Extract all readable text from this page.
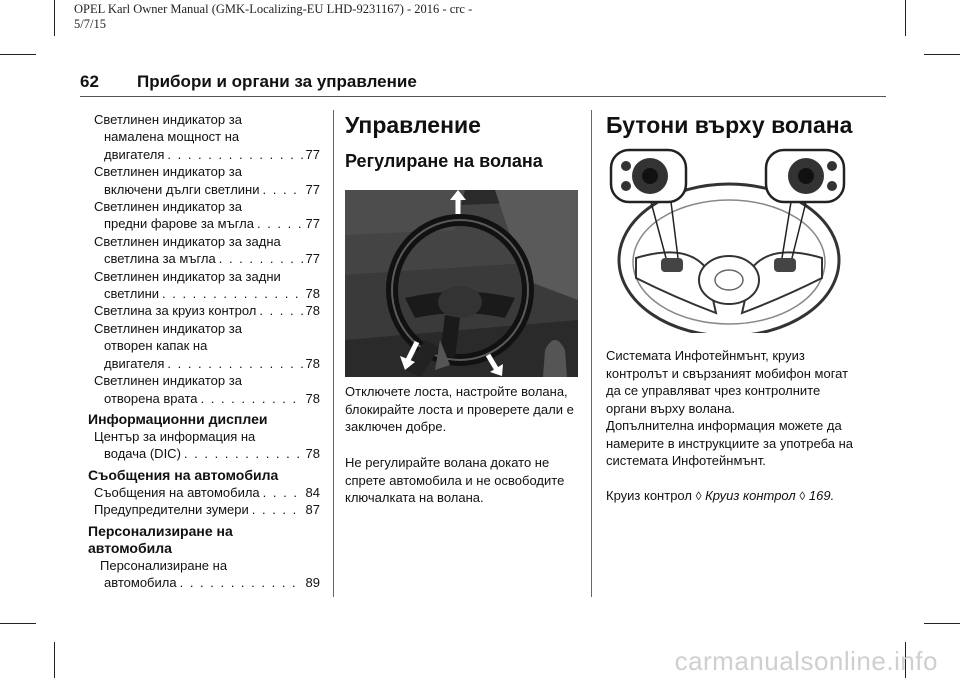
OPEL Karl Owner Manual (GMK-Localizing-EU LHD-9231167) - 2016 - crc -
5/7/15
62 Прибори и органи за управление
Светлинен индикатор за
намалена мощност на
двигателя . . .	77
Светлинен индикатор за
включени дълги светлини . . .	77
Светлинен индикатор за
предни фарове за мъгла . . .	77
Светлинен индикатор за задна
светлина за мъгла . . .	77
Светлинен индикатор за задни
светлини . . .	78
Светлина за круиз контрол . . .	78
Светлинен индикатор за
отворен капак на
двигателя . . .	78
Светлинен индикатор за
отворена врата . . .	78
Информационни дисплеи
Център за информация на
водача (DIC) . . .	78
Съобщения на автомобила
Съобщения на автомобила . . .	84
Предупредителни зумери . . .	87
Персонализиране на
автомобила
Персонализиране на
автомобила . . .	89
Управление
Регулиране на волана
Отключете лоста, настройте волана, блокирайте лоста и проверете дали е заключен добре.
Не регулирайте волана докато не спрете автомобила и не освободите ключалката на волана.
Бутони върху волана
Системата Инфотейнмънт, круиз контролът и свързаният мобифон могат да се управляват чрез контролните органи върху волана.
Допълнителна информация можете да намерите в инструкциите за употреба на системата Инфотейнмънт.
Круиз контрол ◊ Круиз контрол ◊ 169.
carmanualsonline.info
